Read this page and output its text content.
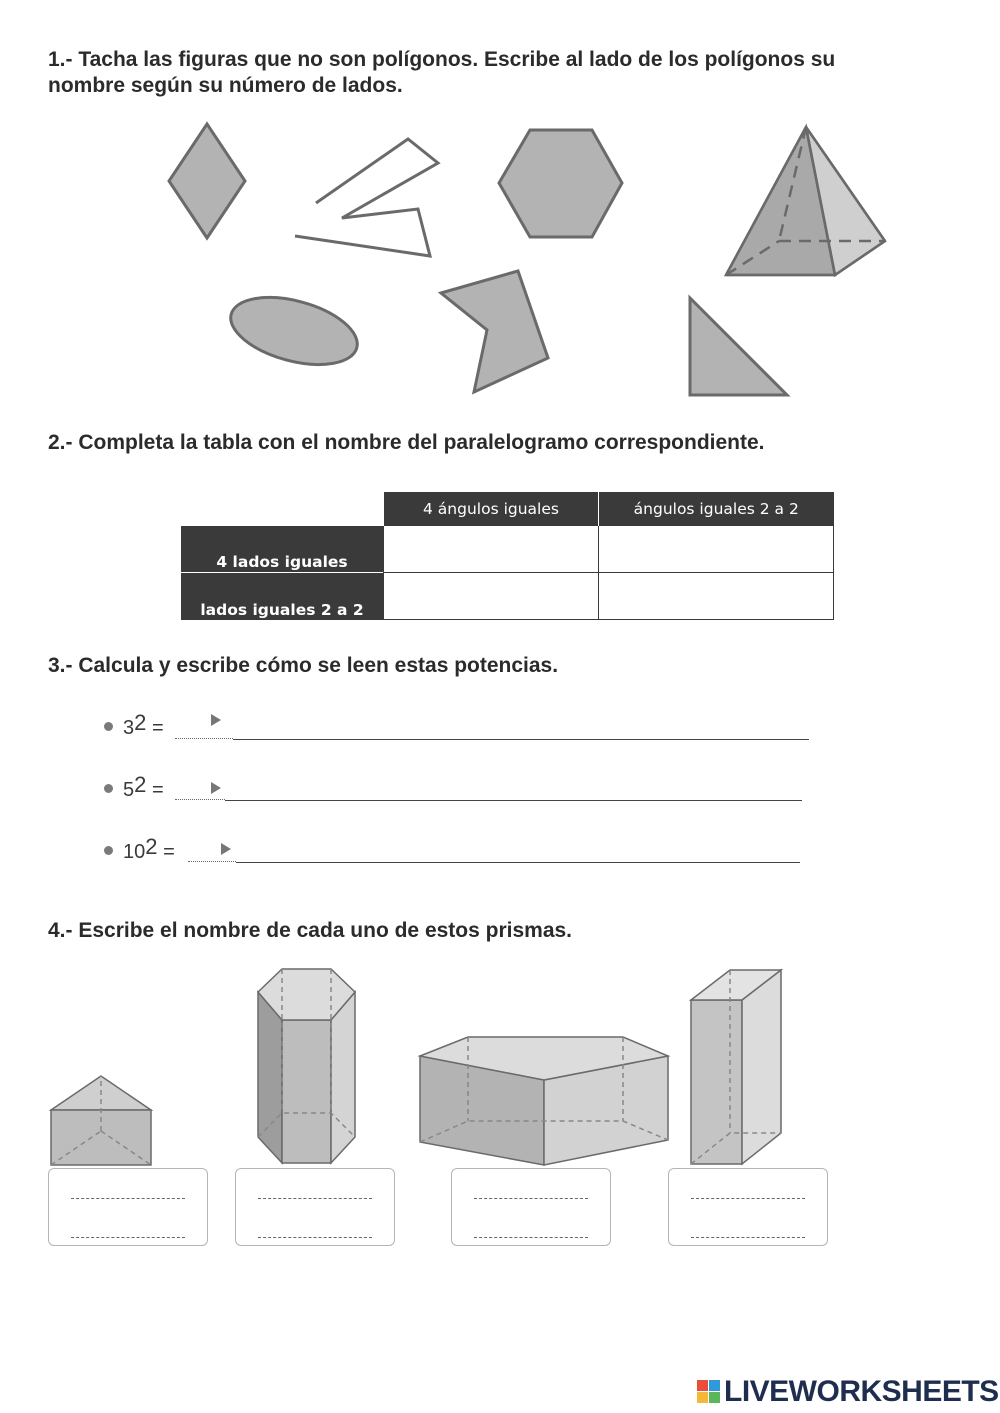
1.- Tacha las figuras que no son polígonos. Escribe al lado de los polígonos su
nombre según su número de lados.
2.- Completa la tabla con el nombre del paralelogramo correspondiente.
	4 ángulos iguales	ángulos iguales 2 a 2

4 lados iguales		

lados iguales 2 a 2		

3.- Calcula y escribe cómo se leen estas potencias.
$3^2$ =
$5^2$ =
$10^2$ =
4.- Escribe el nombre de cada uno de estos prismas.
LIVEWORKSHEETS
